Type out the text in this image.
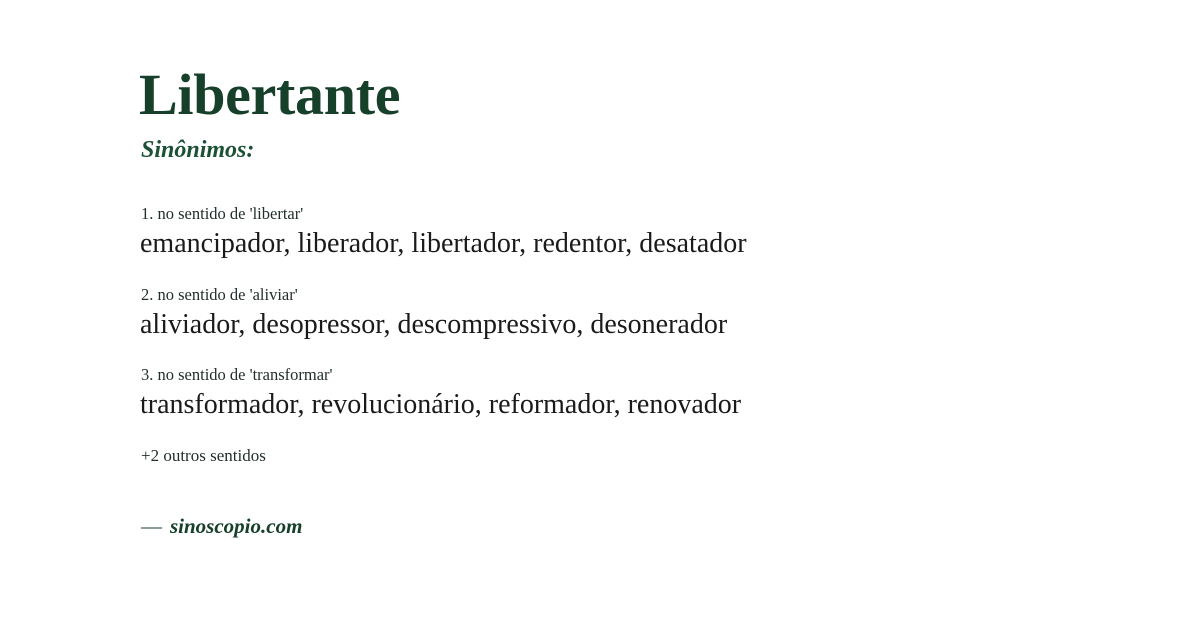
Libertante
Sinônimos:
1. no sentido de 'libertar'
emancipador, liberador, libertador, redentor, desatador
2. no sentido de 'aliviar'
aliviador, desopressor, descompressivo, desonerador
3. no sentido de 'transformar'
transformador, revolucionário, reformador, renovador
+2 outros sentidos
— sinoscopio.com
